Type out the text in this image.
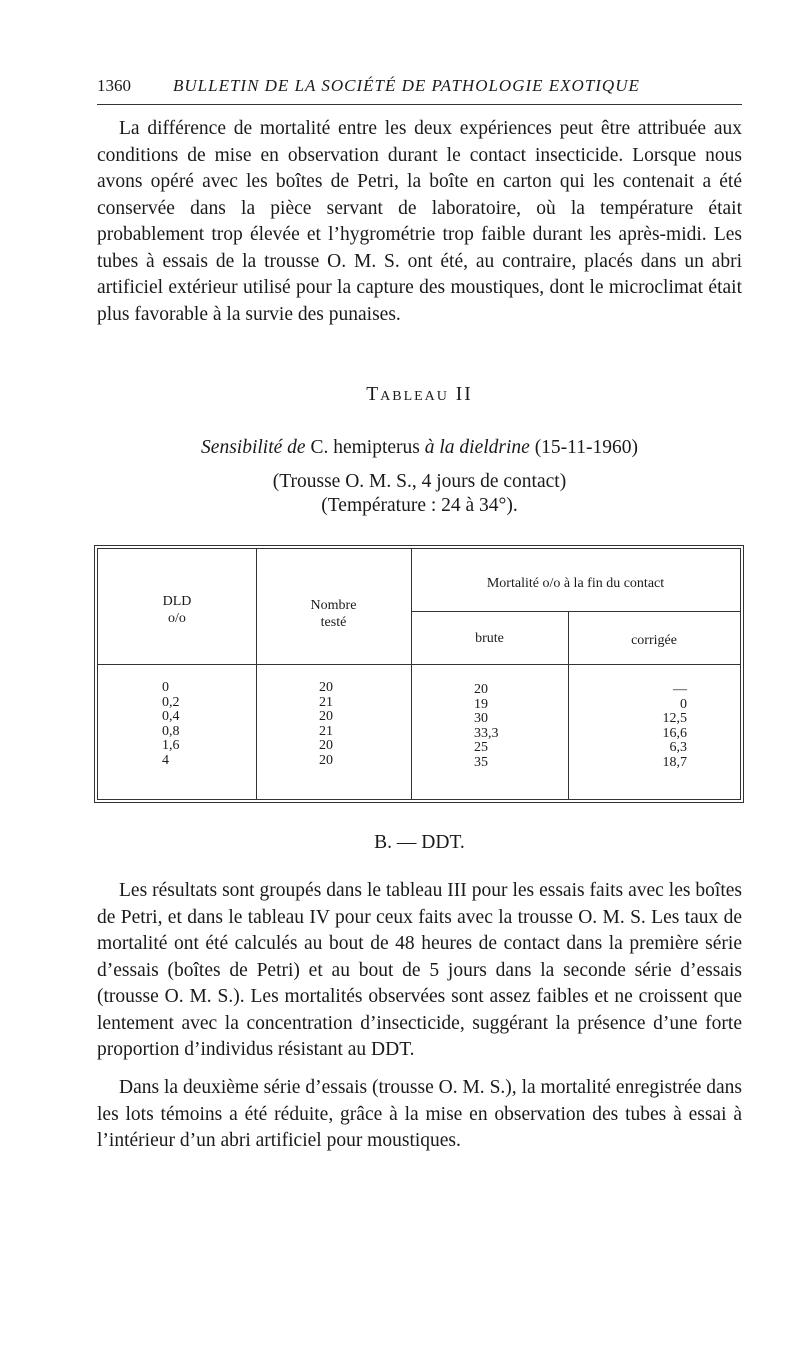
1360 BULLETIN DE LA SOCIÉTÉ DE PATHOLOGIE EXOTIQUE

La différence de mortalité entre les deux expériences peut être attribuée aux conditions de mise en observation durant le contact insecticide. Lorsque nous avons opéré avec les boîtes de Petri, la boîte en carton qui les contenait a été conservée dans la pièce servant de laboratoire, où la température était probablement trop élevée et l’hygrométrie trop faible durant les après-midi. Les tubes à essais de la trousse O. M. S. ont été, au contraire, placés dans un abri artificiel extérieur utilisé pour la capture des moustiques, dont le microclimat était plus favorable à la survie des punaises.

Tableau II

Sensibilité de C. hemipterus à la dieldrine (15-11-1960)

(Trousse O. M. S., 4 jours de contact)

(Température : 24 à 34°).

DLD
o/o
Nombre
testé
Mortalité o/o à la fin du contact
brute	corrigée
0
0,2
0,4
0,8
1,6
4
20
21
20
21
20
20
20
19
30
33,3
25
35
—
0
12,5
16,6
6,3
18,7

B. — DDT.

Les résultats sont groupés dans le tableau III pour les essais faits avec les boîtes de Petri, et dans le tableau IV pour ceux faits avec la trousse O. M. S. Les taux de mortalité ont été calculés au bout de 48 heures de contact dans la première série d’essais (boîtes de Petri) et au bout de 5 jours dans la seconde série d’essais (trousse O. M. S.). Les mortalités observées sont assez faibles et ne croissent que lentement avec la concentration d’insecticide, suggérant la présence d’une forte proportion d’individus résistant au DDT.

Dans la deuxième série d’essais (trousse O. M. S.), la mortalité enregistrée dans les lots témoins a été réduite, grâce à la mise en observation des tubes à essai à l’intérieur d’un abri artificiel pour moustiques.
